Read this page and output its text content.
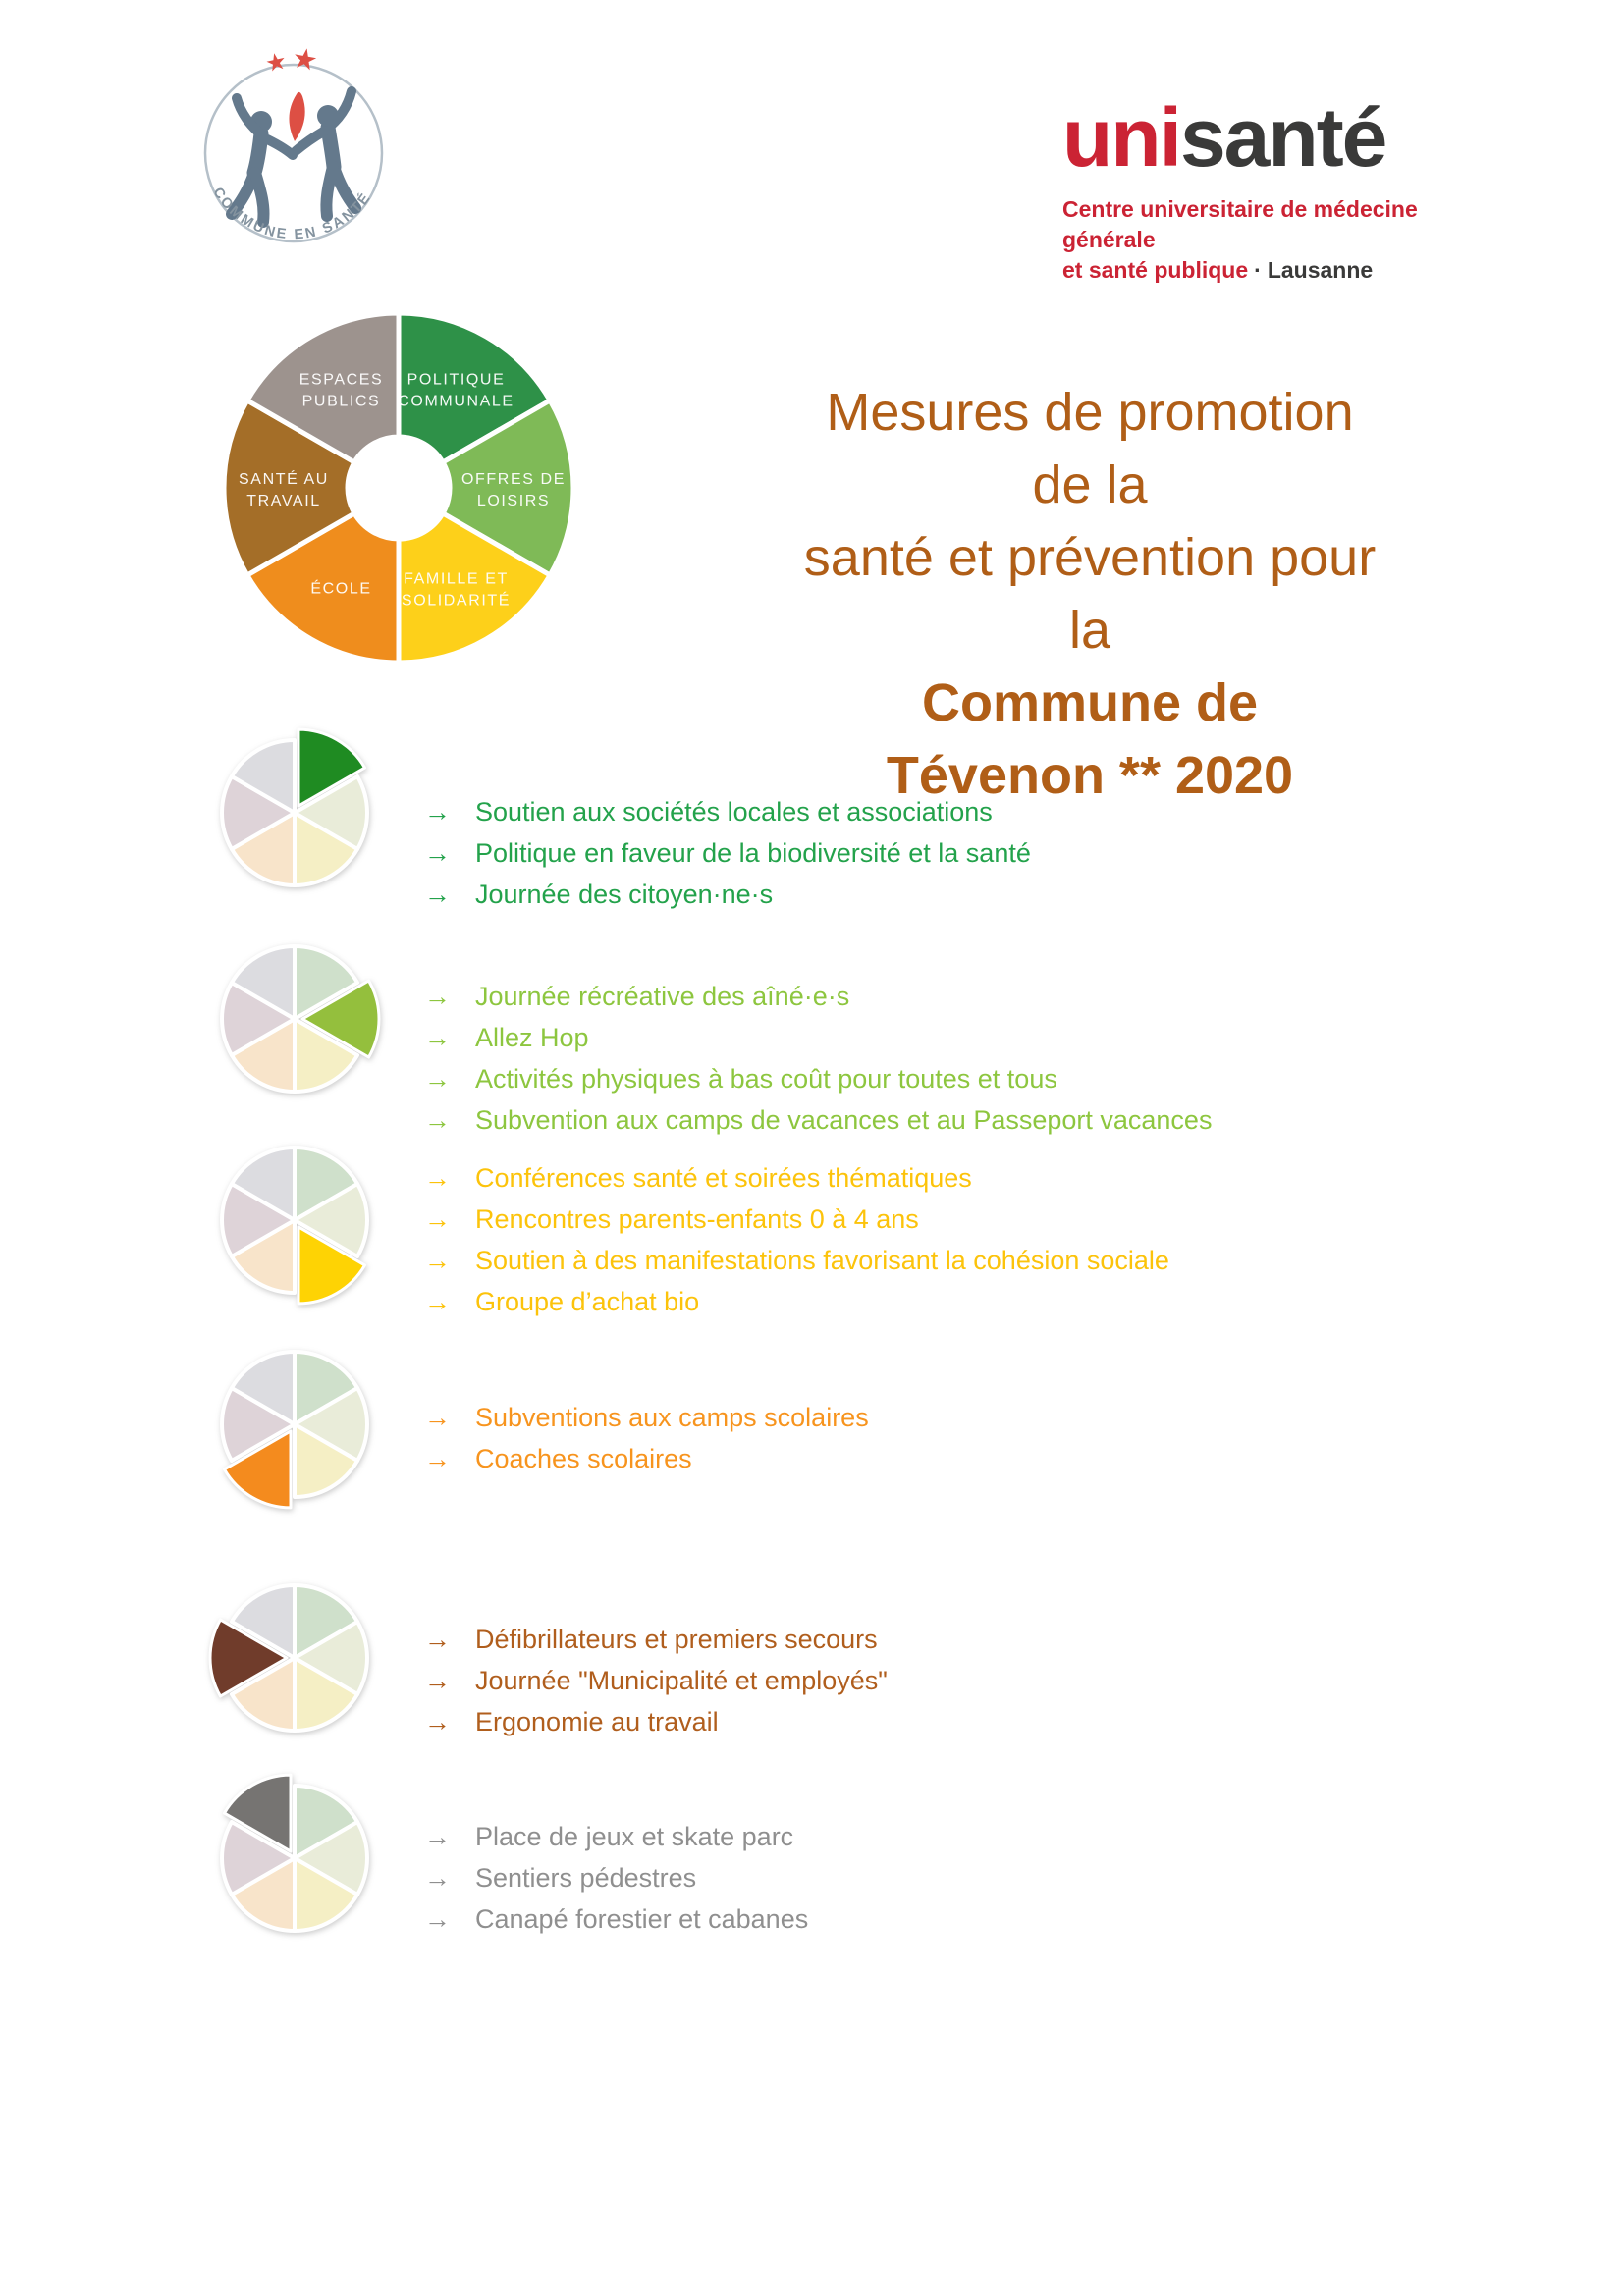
★ ★
COMMUNE EN SANTÉ
unisanté
Centre universitaire de médecine générale
et santé publique · Lausanne
POLITIQUE COMMUNALE
OFFRES DE LOISIRS
FAMILLE ET SOLIDARITÉ
ÉCOLE
SANTÉ AU TRAVAIL
ESPACES PUBLICS	Mesures de promotion de la
santé et prévention pour la
Commune de
Tévenon ** 2020
→ Soutien aux sociétés locales et associations
→ Politique en faveur de la biodiversité et la santé
→ Journée des citoyen·ne·s
→ Journée récréative des aîné·e·s
→ Allez Hop
→ Activités physiques à bas coût pour toutes et tous
→ Subvention aux camps de vacances et au Passeport vacances
→ Conférences santé et soirées thématiques
→ Rencontres parents-enfants 0 à 4 ans
→ Soutien à des manifestations favorisant la cohésion sociale
→ Groupe d’achat bio
→ Subventions aux camps scolaires
→ Coaches scolaires
→ Défibrillateurs et premiers secours
→ Journée "Municipalité et employés"
→ Ergonomie au travail
→ Place de jeux et skate parc
→ Sentiers pédestres
→ Canapé forestier et cabanes
